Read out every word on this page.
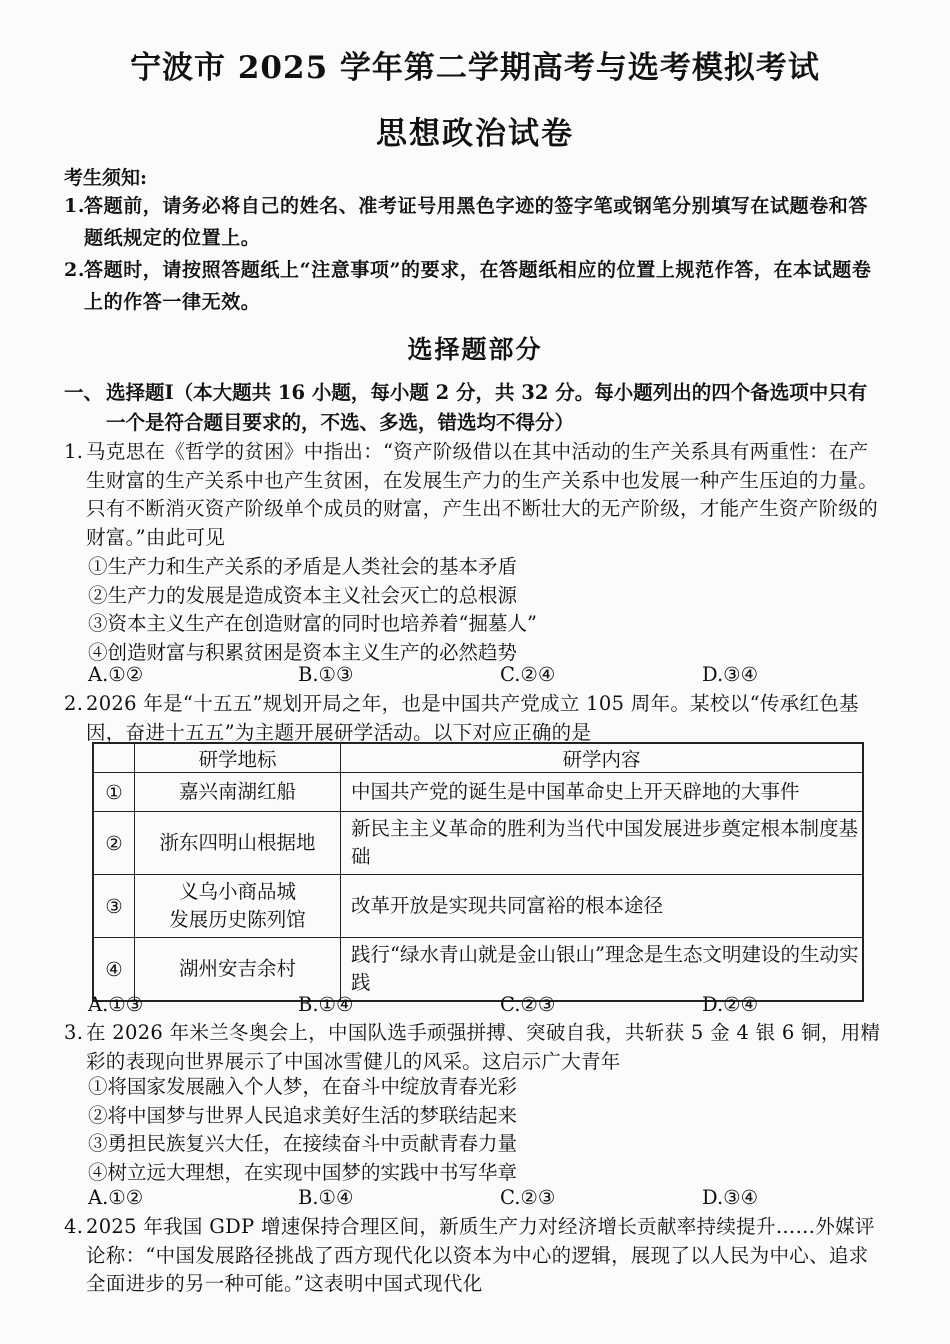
宁波市 2025 学年第二学期高考与选考模拟考试
思想政治试卷
考生须知:
1.
答题前，请务必将自己的姓名、准考证号用黑色字迹的签字笔或钢笔分别填写在试题卷和答题纸规定的位置上。
2.
答题时，请按照答题纸上“注意事项”的要求，在答题纸相应的位置上规范作答，在本试题卷上的作答一律无效。
选择题部分
一、 选择题Ⅰ（本大题共 16 小题，每小题 2 分，共 32 分。每小题列出的四个备选项中只有一个是符合题目要求的，不选、多选，错选均不得分）
1. 马克思在《哲学的贫困》中指出：“资产阶级借以在其中活动的生产关系具有两重性：在产生财富的生产关系中也产生贫困，在发展生产力的生产关系中也发展一种产生压迫的力量。只有不断消灭资产阶级单个成员的财富，产生出不断壮大的无产阶级，才能产生资产阶级的财富。”由此可见
①生产力和生产关系的矛盾是人类社会的基本矛盾
②生产力的发展是造成资本主义社会灭亡的总根源
③资本主义生产在创造财富的同时也培养着“掘墓人”
④创造财富与积累贫困是资本主义生产的必然趋势
A.①②	B.①③	C.②④	D.③④
2. 2026 年是“十五五”规划开局之年，也是中国共产党成立 105 周年。某校以“传承红色基因，奋进十五五”为主题开展研学活动。以下对应正确的是
	研学地标	研学内容
①	嘉兴南湖红船	中国共产党的诞生是中国革命史上开天辟地的大事件
②	浙东四明山根据地	新民主主义革命的胜利为当代中国发展进步奠定根本制度基础
③	义乌小商品城
发展历史陈列馆	改革开放是实现共同富裕的根本途径
④	湖州安吉余村	践行“绿水青山就是金山银山”理念是生态文明建设的生动实践
A.①③	B.①④	C.②③	D.②④
3. 在 2026 年米兰冬奥会上，中国队选手顽强拼搏、突破自我，共斩获 5 金 4 银 6 铜，用精彩的表现向世界展示了中国冰雪健儿的风采。这启示广大青年
①将国家发展融入个人梦，在奋斗中绽放青春光彩
②将中国梦与世界人民追求美好生活的梦联结起来
③勇担民族复兴大任，在接续奋斗中贡献青春力量
④树立远大理想，在实现中国梦的实践中书写华章
A.①②	B.①④	C.②③	D.③④
4. 2025 年我国 GDP 增速保持合理区间，新质生产力对经济增长贡献率持续提升……外媒评论称：“中国发展路径挑战了西方现代化以资本为中心的逻辑，展现了以人民为中心、追求全面进步的另一种可能。”这表明中国式现代化
